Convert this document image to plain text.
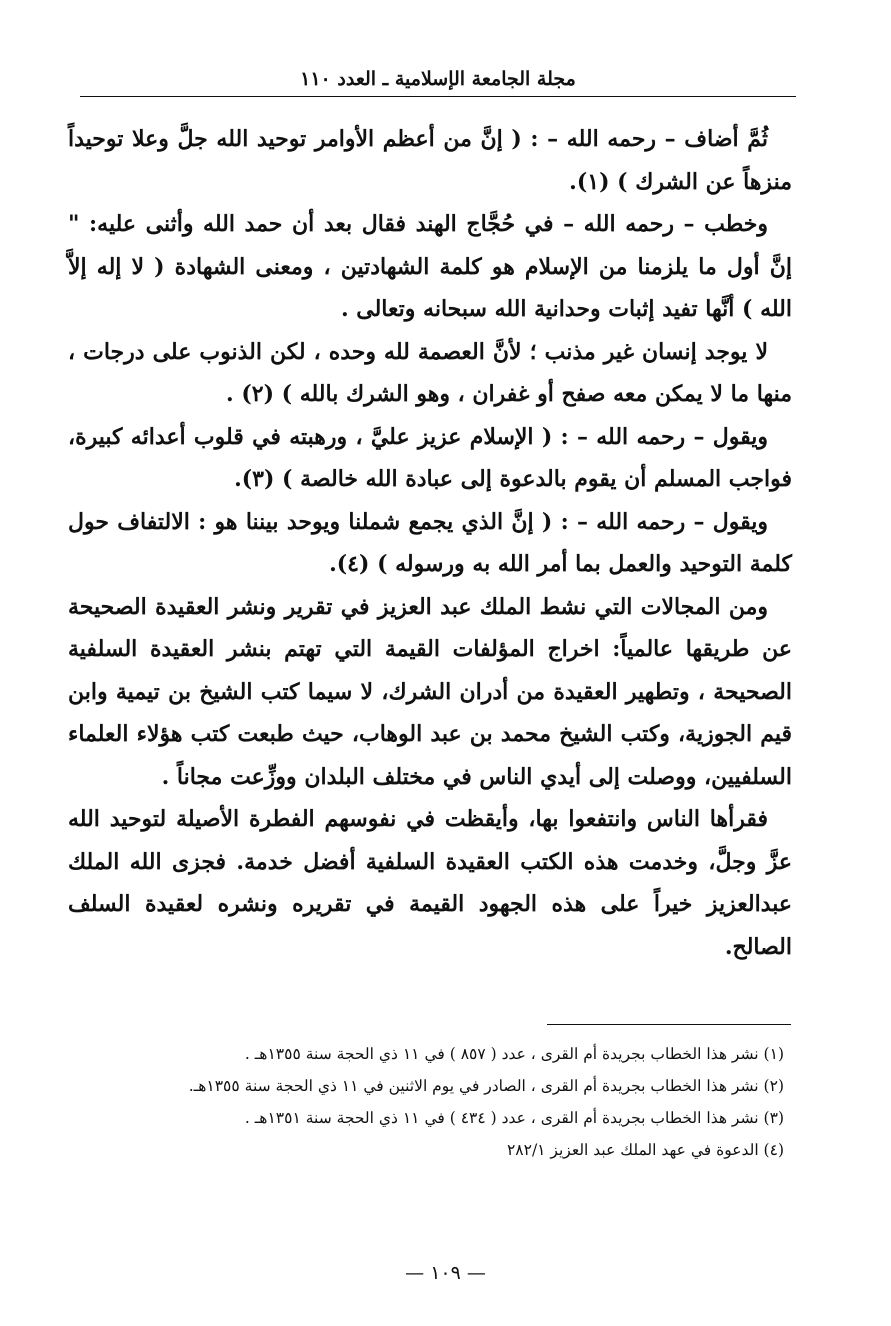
مجلة الجامعة الإسلامية ـ العدد ١١٠

ثُمَّ أضاف – رحمه الله – : ( إنَّ من أعظم الأوامر توحيد الله جلَّ وعلا توحيداً منزهاً عن الشرك ) (١).

وخطب – رحمه الله – في حُجَّاج الهند فقال بعد أن حمد الله وأثنى عليه: " إنَّ أول ما يلزمنا من الإسلام هو كلمة الشهادتين ، ومعنى الشهادة ( لا إله إلاَّ الله ) أنَّها تفيد إثبات وحدانية الله سبحانه وتعالى .

لا يوجد إنسان غير مذنب ؛ لأنَّ العصمة لله وحده ، لكن الذنوب على درجات ، منها ما لا يمكن معه صفح أو غفران ، وهو الشرك بالله ) (٢) .

ويقول – رحمه الله – : ( الإسلام عزيز عليَّ ، ورهبته في قلوب أعدائه كبيرة، فواجب المسلم أن يقوم بالدعوة إلى عبادة الله خالصة ) (٣).

ويقول – رحمه الله – : ( إنَّ الذي يجمع شملنا ويوحد بيننا هو : الالتفاف حول كلمة التوحيد والعمل بما أمر الله به ورسوله ) (٤).

ومن المجالات التي نشط الملك عبد العزيز في تقرير ونشر العقيدة الصحيحة عن طريقها عالمياً: اخراج المؤلفات القيمة التي تهتم بنشر العقيدة السلفية الصحيحة ، وتطهير العقيدة من أدران الشرك، لا سيما كتب الشيخ بن تيمية وابن قيم الجوزية، وكتب الشيخ محمد بن عبد الوهاب، حيث طبعت كتب هؤلاء العلماء السلفيين، ووصلت إلى أيدي الناس في مختلف البلدان ووزِّعت مجاناً .

فقرأها الناس وانتفعوا بها، وأيقظت في نفوسهم الفطرة الأصيلة لتوحيد الله عزَّ وجلَّ، وخدمت هذه الكتب العقيدة السلفية أفضل خدمة. فجزى الله الملك عبدالعزيز خيراً على هذه الجهود القيمة في تقريره ونشره لعقيدة السلف الصالح.

(١) نشر هذا الخطاب بجريدة أم القرى ، عدد ( ٨٥٧ ) في ١١ ذي الحجة سنة ١٣٥٥هـ .
(٢) نشر هذا الخطاب بجريدة أم القرى ، الصادر في يوم الاثنين في ١١ ذي الحجة سنة ١٣٥٥هـ.
(٣) نشر هذا الخطاب بجريدة أم القرى ، عدد ( ٤٣٤ ) في ١١ ذي الحجة سنة ١٣٥١هـ .
(٤) الدعوة في عهد الملك عبد العزيز ٢٨٢/١
— ١٠٩ —
